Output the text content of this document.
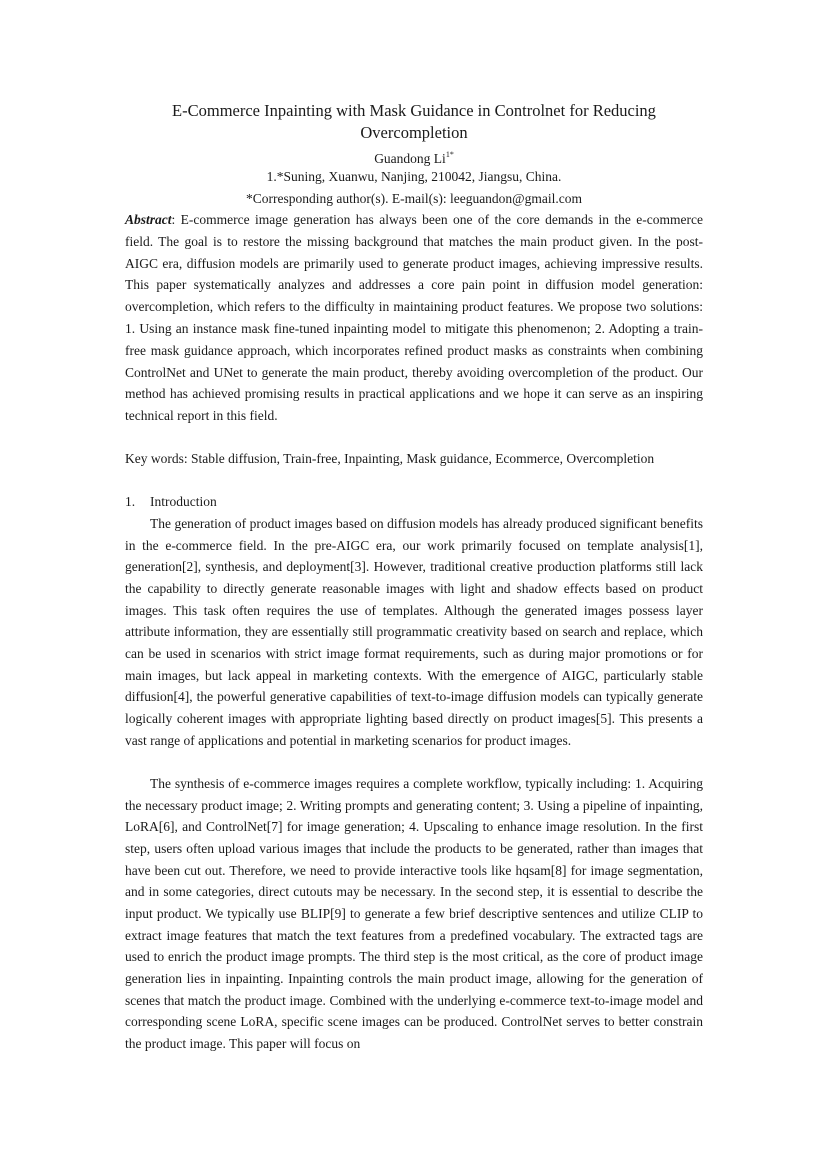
E-Commerce Inpainting with Mask Guidance in Controlnet for Reducing Overcompletion

Guandong $Li^{1*}$

1.*Suning, Xuanwu, Nanjing, 210042, Jiangsu, China.

*Corresponding author(s). E-mail(s): leeguandon@gmail.com

Abstract: E-commerce image generation has always been one of the core demands in the e-commerce field. The goal is to restore the missing background that matches the main product given. In the post-AIGC era, diffusion models are primarily used to generate product images, achieving impressive results. This paper systematically analyzes and addresses a core pain point in diffusion model generation: overcompletion, which refers to the difficulty in maintaining product features. We propose two solutions: 1. Using an instance mask fine-tuned inpainting model to mitigate this phenomenon; 2. Adopting a train-free mask guidance approach, which incorporates refined product masks as constraints when combining ControlNet and UNet to generate the main product, thereby avoiding overcompletion of the product. Our method has achieved promising results in practical applications and we hope it can serve as an inspiring technical report in this field.

Key words: Stable diffusion, Train-free, Inpainting, Mask guidance, Ecommerce, Overcompletion

1. Introduction

The generation of product images based on diffusion models has already produced significant benefits in the e-commerce field. In the pre-AIGC era, our work primarily focused on template analysis[1], generation[2], synthesis, and deployment[3]. However, traditional creative production platforms still lack the capability to directly generate reasonable images with light and shadow effects based on product images. This task often requires the use of templates. Although the generated images possess layer attribute information, they are essentially still programmatic creativity based on search and replace, which can be used in scenarios with strict image format requirements, such as during major promotions or for main images, but lack appeal in marketing contexts. With the emergence of AIGC, particularly stable diffusion[4], the powerful generative capabilities of text-to-image diffusion models can typically generate logically coherent images with appropriate lighting based directly on product images[5]. This presents a vast range of applications and potential in marketing scenarios for product images.

The synthesis of e-commerce images requires a complete workflow, typically including: 1. Acquiring the necessary product image; 2. Writing prompts and generating content; 3. Using a pipeline of inpainting, LoRA[6], and ControlNet[7] for image generation; 4. Upscaling to enhance image resolution. In the first step, users often upload various images that include the products to be generated, rather than images that have been cut out. Therefore, we need to provide interactive tools like hqsam[8] for image segmentation, and in some categories, direct cutouts may be necessary. In the second step, it is essential to describe the input product. We typically use BLIP[9] to generate a few brief descriptive sentences and utilize CLIP to extract image features that match the text features from a predefined vocabulary. The extracted tags are used to enrich the product image prompts. The third step is the most critical, as the core of product image generation lies in inpainting. Inpainting controls the main product image, allowing for the generation of scenes that match the product image. Combined with the underlying e-commerce text-to-image model and corresponding scene LoRA, specific scene images can be produced. ControlNet serves to better constrain the product image. This paper will focus on
